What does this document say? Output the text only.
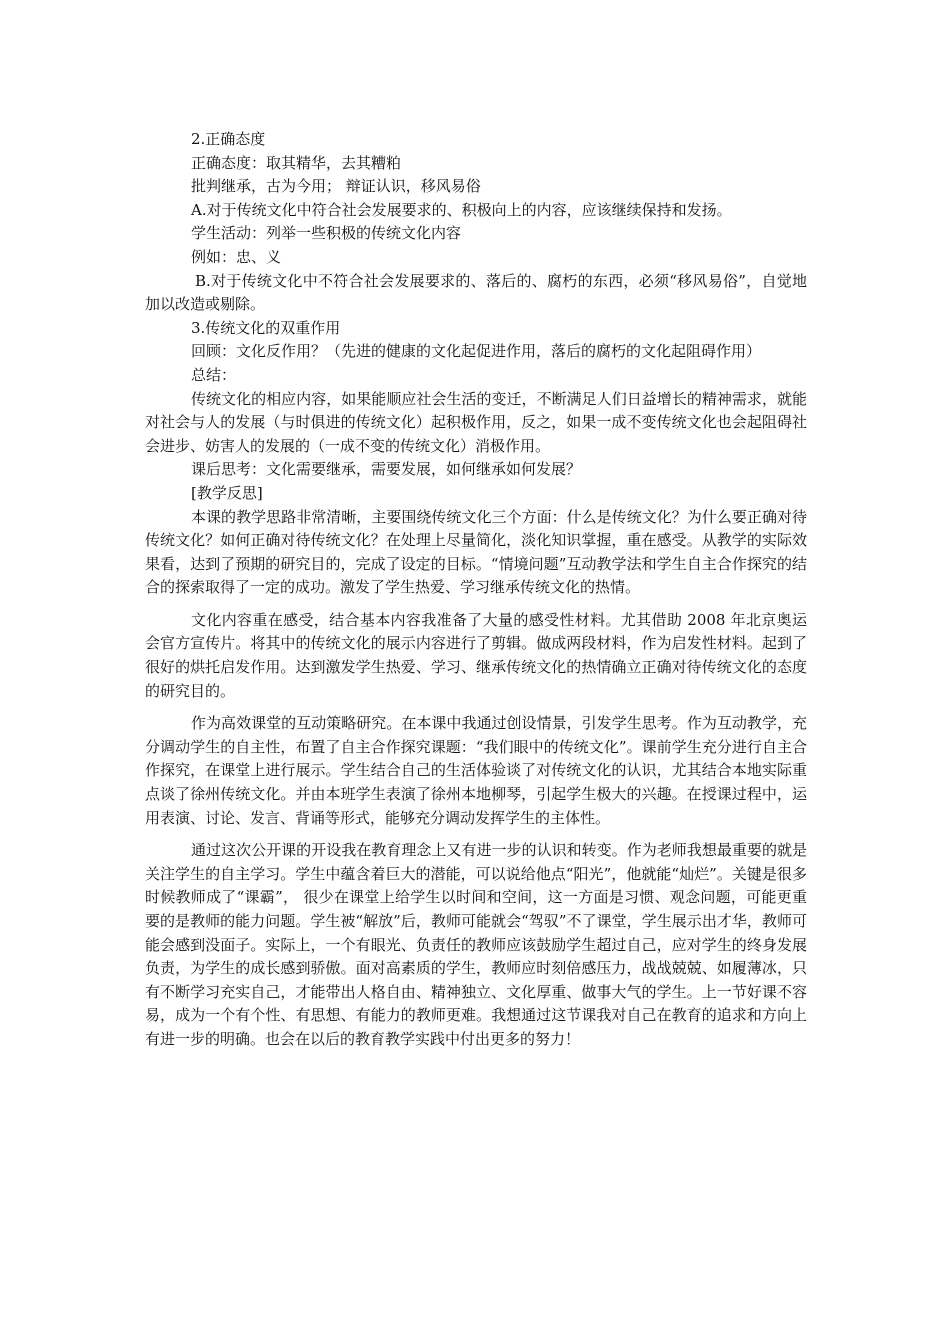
2.正确态度

正确态度：取其精华，去其糟粕

批判继承，古为今用； 辩证认识，移风易俗

A.对于传统文化中符合社会发展要求的、积极向上的内容，应该继续保持和发扬。

学生活动：列举一些积极的传统文化内容

例如：忠、义

B.对于传统文化中不符合社会发展要求的、落后的、腐朽的东西，必须“移风易俗”，自觉地加以改造或剔除。

3.传统文化的双重作用

回顾：文化反作用？（先进的健康的文化起促进作用，落后的腐朽的文化起阻碍作用）

总结：

传统文化的相应内容，如果能顺应社会生活的变迁，不断满足人们日益增长的精神需求，就能对社会与人的发展（与时俱进的传统文化）起积极作用，反之，如果一成不变传统文化也会起阻碍社会进步、妨害人的发展的（一成不变的传统文化）消极作用。

课后思考：文化需要继承，需要发展，如何继承如何发展？

[教学反思]

本课的教学思路非常清晰，主要围绕传统文化三个方面：什么是传统文化？为什么要正确对待传统文化？如何正确对待传统文化？在处理上尽量简化，淡化知识掌握，重在感受。从教学的实际效果看，达到了预期的研究目的，完成了设定的目标。“情境问题”互动教学法和学生自主合作探究的结合的探索取得了一定的成功。激发了学生热爱、学习继承传统文化的热情。

文化内容重在感受，结合基本内容我准备了大量的感受性材料。尤其借助 2008 年北京奥运会官方宣传片。将其中的传统文化的展示内容进行了剪辑。做成两段材料，作为启发性材料。起到了很好的烘托启发作用。达到激发学生热爱、学习、继承传统文化的热情确立正确对待传统文化的态度的研究目的。

作为高效课堂的互动策略研究。在本课中我通过创设情景，引发学生思考。作为互动教学，充分调动学生的自主性，布置了自主合作探究课题：“我们眼中的传统文化”。课前学生充分进行自主合作探究，在课堂上进行展示。学生结合自己的生活体验谈了对传统文化的认识，尤其结合本地实际重点谈了徐州传统文化。并由本班学生表演了徐州本地柳琴，引起学生极大的兴趣。在授课过程中，运用表演、讨论、发言、背诵等形式，能够充分调动发挥学生的主体性。

通过这次公开课的开设我在教育理念上又有进一步的认识和转变。作为老师我想最重要的就是关注学生的自主学习。学生中蕴含着巨大的潜能，可以说给他点“阳光”，他就能“灿烂”。关键是很多时候教师成了“课霸”， 很少在课堂上给学生以时间和空间，这一方面是习惯、观念问题，可能更重要的是教师的能力问题。学生被“解放”后，教师可能就会“驾驭”不了课堂，学生展示出才华，教师可能会感到没面子。实际上，一个有眼光、负责任的教师应该鼓励学生超过自己，应对学生的终身发展负责，为学生的成长感到骄傲。面对高素质的学生，教师应时刻倍感压力，战战兢兢、如履薄冰，只有不断学习充实自己，才能带出人格自由、精神独立、文化厚重、做事大气的学生。上一节好课不容易，成为一个有个性、有思想、有能力的教师更难。我想通过这节课我对自己在教育的追求和方向上有进一步的明确。也会在以后的教育教学实践中付出更多的努力！
